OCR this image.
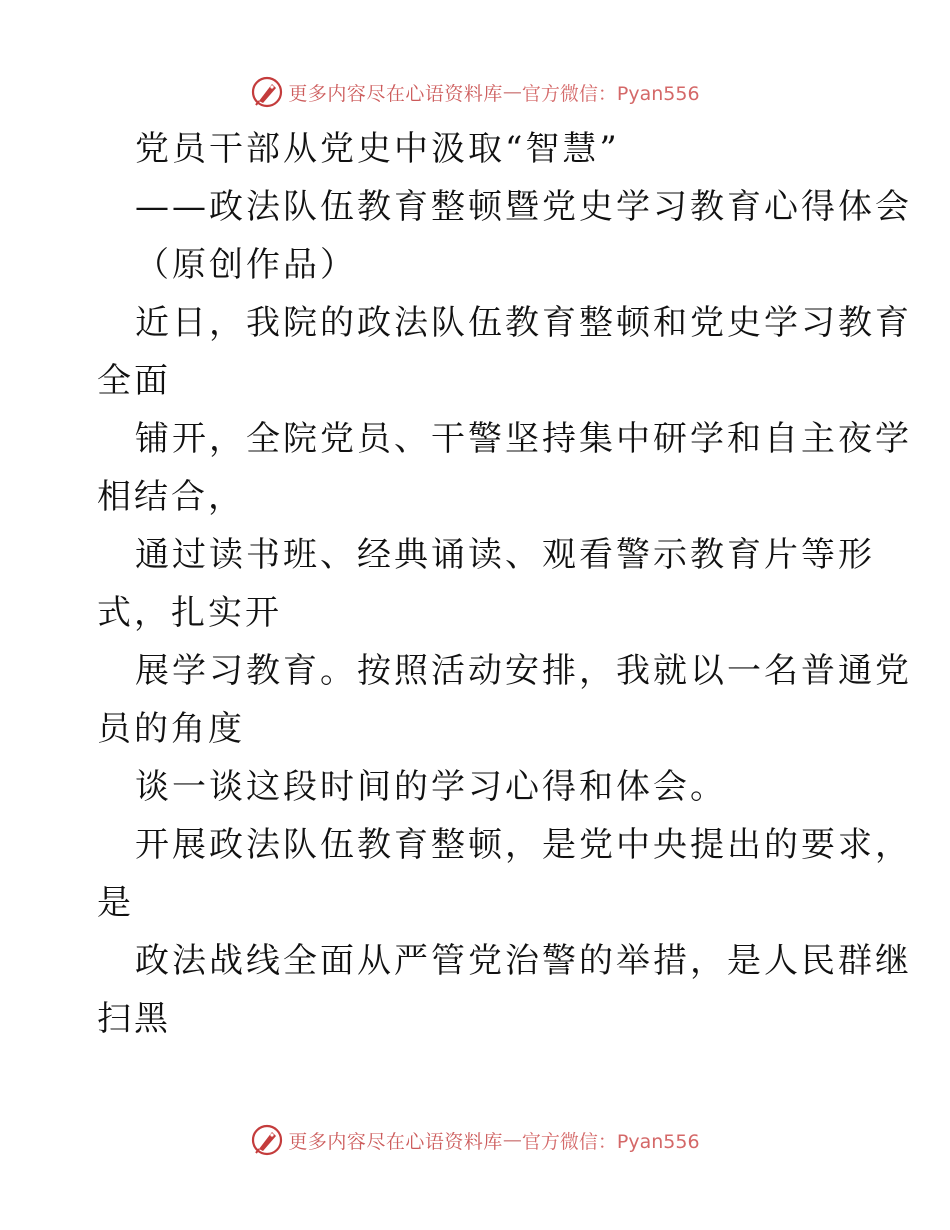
更多内容尽在心语资料库 — 官方微信：Pyan556
党员干部从党史中汲取“智慧”
——政法队伍教育整顿暨党史学习教育心得体会
（原创作品）
近日，我院的政法队伍教育整顿和党史学习教育
全面
铺开，全院党员、干警坚持集中研学和自主夜学
相结合，
通过读书班、经典诵读、观看警示教育片等形
式，扎实开
展学习教育。按照活动安排，我就以一名普通党
员的角度
谈一谈这段时间的学习心得和体会。
开展政法队伍教育整顿，是党中央提出的要求，
是
政法战线全面从严管党治警的举措，是人民群继
扫黑
更多内容尽在心语资料库 — 官方微信：Pyan556
